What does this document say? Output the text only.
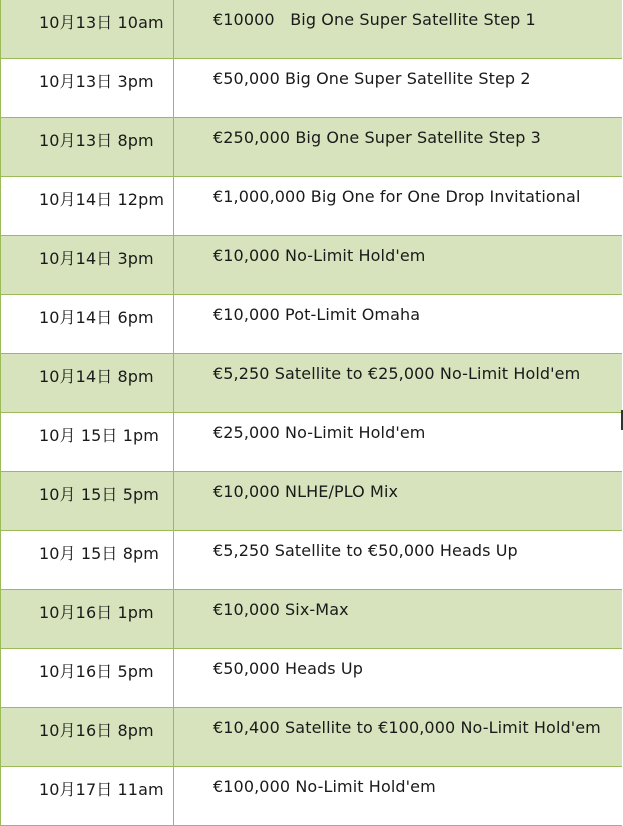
10月13日 10am	€10000   Big One Super Satellite Step 1
10月13日 3pm	€50,000 Big One Super Satellite Step 2
10月13日 8pm	€250,000 Big One Super Satellite Step 3
10月14日 12pm	€1,000,000 Big One for One Drop Invitational
10月14日 3pm	€10,000 No-Limit Hold'em
10月14日 6pm	€10,000 Pot-Limit Omaha
10月14日 8pm	€5,250 Satellite to €25,000 No-Limit Hold'em
10月 15日 1pm	€25,000 No-Limit Hold'em
10月 15日 5pm	€10,000 NLHE/PLO Mix
10月 15日 8pm	€5,250 Satellite to €50,000 Heads Up
10月16日 1pm	€10,000 Six-Max
10月16日 5pm	€50,000 Heads Up
10月16日 8pm	€10,400 Satellite to €100,000 No-Limit Hold'em
10月17日 11am	€100,000 No-Limit Hold'em
